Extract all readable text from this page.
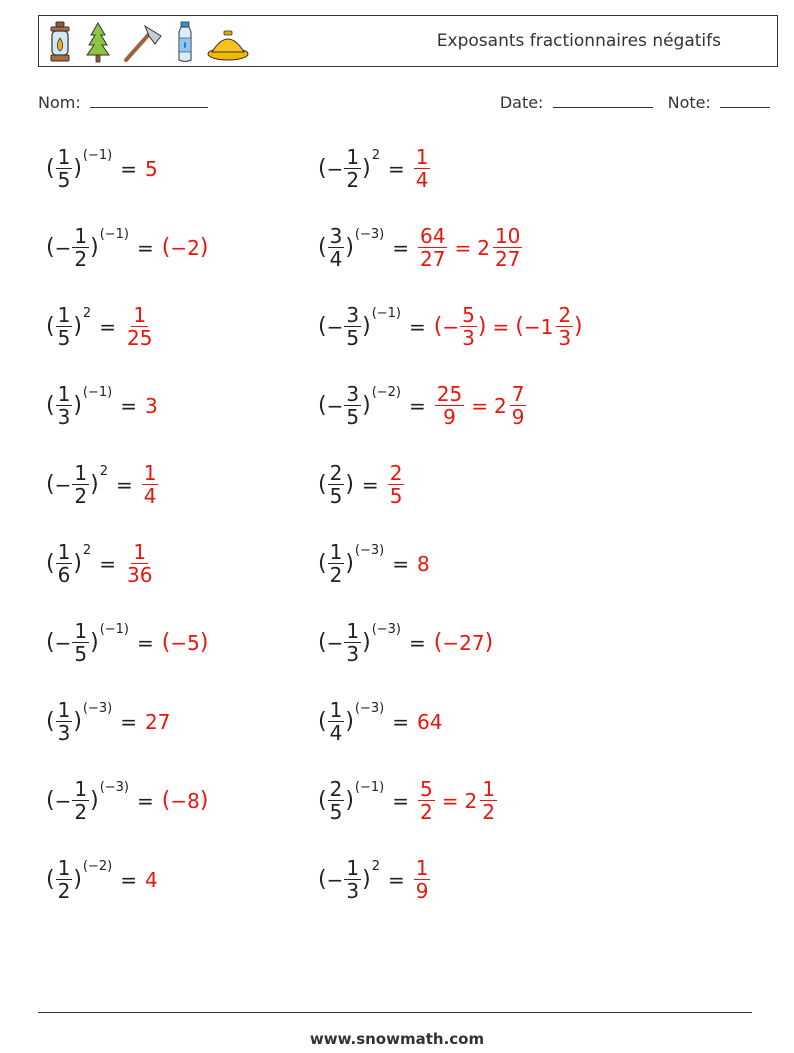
Exposants fractionnaires négatifs
Nom:	Date:	Note:
( $\frac{1}{5}$ )
(−1)
= 5	( − $\frac{1}{2}$ )
2
= $\frac{1}{4}$
( − $\frac{1}{2}$ )
(−1)
= ( − 2 )	( $\frac{3}{4}$ )
(−3)
= $\frac{64}{27} = 2 \frac{10}{27}$
( $\frac{1}{5}$ )
2
= $\frac{1}{25}$	( − $\frac{3}{5}$ )
(−1)
= ( − $\frac{5}{3}$ ) = ( − $1 \frac{2}{3}$ )
( $\frac{1}{3}$ )
(−1)
= 3	( − $\frac{3}{5}$ )
(−2)
= $\frac{25}{9} = 2 \frac{7}{9}$
( − $\frac{1}{2}$ )
2
= $\frac{1}{4}$	( $\frac{2}{5}$ ) = $\frac{2}{5}$
( $\frac{1}{6}$ )
2
= $\frac{1}{36}$	( $\frac{1}{2}$ )
(−3)
= 8
( − $\frac{1}{5}$ )
(−1)
= ( − 5 )	( − $\frac{1}{3}$ )
(−3)
= ( − 27 )
( $\frac{1}{3}$ )
(−3)
= 27	( $\frac{1}{4}$ )
(−3)
= 64
( − $\frac{1}{2}$ )
(−3)
= ( − 8 )	( $\frac{2}{5}$ )
(−1)
= $\frac{5}{2} = 2 \frac{1}{2}$
( $\frac{1}{2}$ )
(−2)
= 4	( − $\frac{1}{3}$ )
2
= $\frac{1}{9}$
www.snowmath.com
